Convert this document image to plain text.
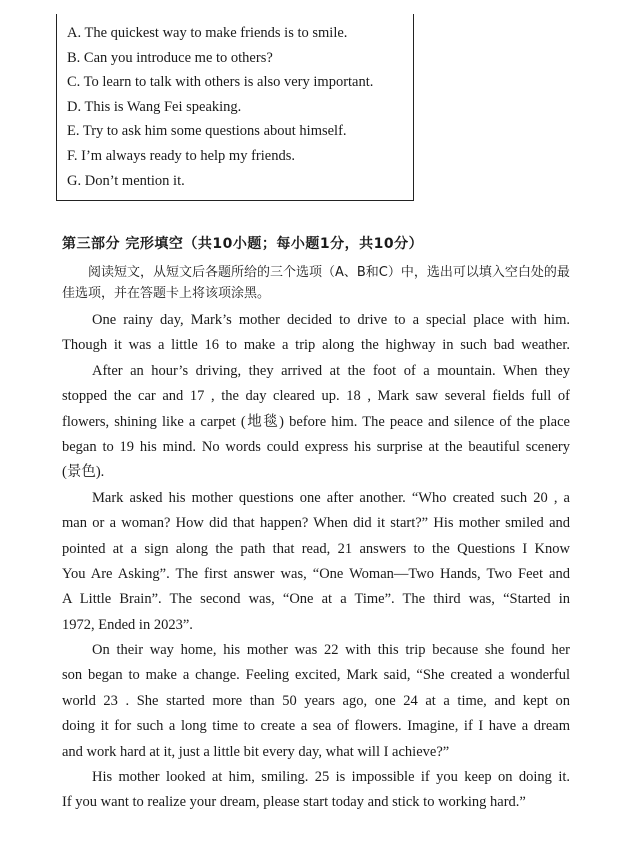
A. The quickest way to make friends is to smile.
B. Can you introduce me to others?
C. To learn to talk with others is also very important.
D. This is Wang Fei speaking.
E. Try to ask him some questions about himself.
F. I’m always ready to help my friends.
G. Don’t mention it.
第三部分 完形填空（共10小题；每小题1分，共10分）

阅读短文，从短文后各题所给的三个选项（A、B和C）中，选出可以填入空白处的最佳选项，并在答题卡上将该项涂黑。

One rainy day, Mark’s mother decided to drive to a special place with him.
Though it was a little 16 to make a trip along the highway in such bad weather.
After an hour’s driving, they arrived at the foot of a mountain. When they
stopped the car and 17 , the day cleared up. 18 , Mark saw several fields full of
flowers, shining like a carpet (地毯) before him. The peace and silence of the place
began to 19 his mind. No words could express his surprise at the beautiful scenery
(景色).
Mark asked his mother questions one after another. “Who created such 20 , a
man or a woman? How did that happen? When did it start?” His mother smiled and
pointed at a sign along the path that read, 21 answers to the Questions I Know
You Are Asking”. The first answer was, “One Woman—Two Hands, Two Feet and
A Little Brain”. The second was, “One at a Time”. The third was, “Started in
1972, Ended in 2023”.
On their way home, his mother was 22 with this trip because she found her
son began to make a change. Feeling excited, Mark said, “She created a wonderful
world 23 . She started more than 50 years ago, one 24 at a time, and kept on
doing it for such a long time to create a sea of flowers. Imagine, if I have a dream
and work hard at it, just a little bit every day, what will I achieve?”
His mother looked at him, smiling. 25 is impossible if you keep on doing it.
If you want to realize your dream, please start today and stick to working hard.”
